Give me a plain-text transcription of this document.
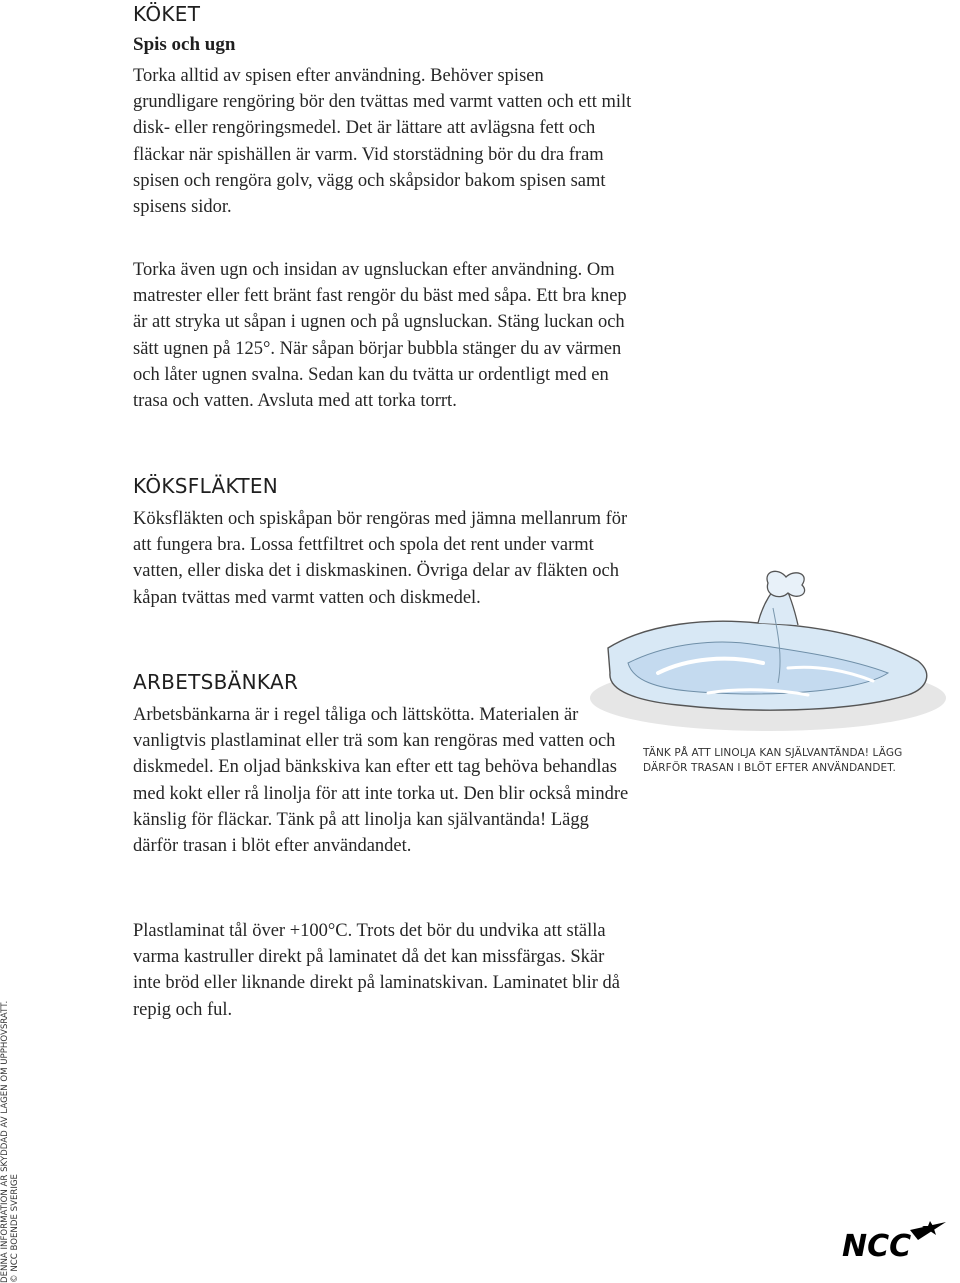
KÖKET
Spis och ugn

Torka alltid av spisen efter användning. Behöver spisen grundligare rengöring bör den tvättas med varmt vatten och ett milt disk- eller rengöringsmedel. Det är lättare att avlägsna fett och fläckar när spishällen är varm. Vid storstädning bör du dra fram spisen och rengöra golv, vägg och skåpsidor bakom spisen samt spisens sidor.

Torka även ugn och insidan av ugnsluckan efter användning. Om matrester eller fett bränt fast rengör du bäst med såpa. Ett bra knep är att stryka ut såpan i ugnen och på ugnsluckan. Stäng luckan och sätt ugnen på 125°. När såpan börjar bubbla stänger du av värmen och låter ugnen svalna. Sedan kan du tvätta ur ordentligt med en trasa och vatten. Avsluta med att torka torrt.

KÖKSFLÄKTEN

Köksfläkten och spiskåpan bör rengöras med jämna mellanrum för att fungera bra. Lossa fettfiltret och spola det rent under varmt vatten, eller diska det i diskmaskinen. Övriga delar av fläkten och kåpan tvättas med varmt vatten och diskmedel.

ARBETSBÄNKAR

Arbetsbänkarna är i regel tåliga och lättskötta. Materialen är vanligtvis plastlaminat eller trä som kan rengöras med vatten och diskmedel. En oljad bänkskiva kan efter ett tag behöva behandlas med kokt eller rå linolja för att inte torka ut. Den blir också mindre känslig för fläckar. Tänk på att linolja kan självantända! Lägg därför trasan i blöt efter användandet.

Plastlaminat tål över +100°C. Trots det bör du undvika att ställa varma kastruller direkt på laminatet då det kan missfärgas. Skär inte bröd eller liknande direkt på laminatskivan. Laminatet blir då repig och ful.

TÄNK PÅ ATT LINOLJA KAN SJÄLVANTÄNDA! LÄGG DÄRFÖR TRASAN I BLÖT EFTER ANVÄNDANDET.

DENNA INFORMATION ÄR SKYDDAD AV LAGEN OM UPPHOVSRÄTT. © NCC BOENDE SVERIGE	NCC
